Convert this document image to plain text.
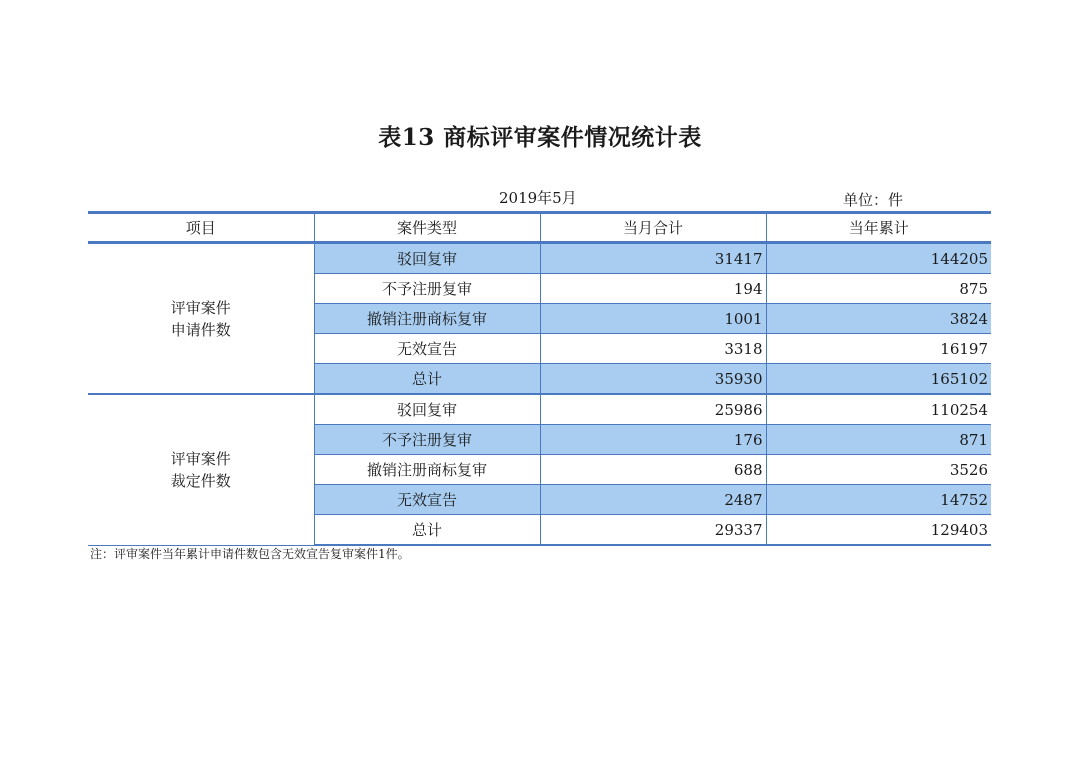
表13 商标评审案件情况统计表
2019年5月	单位：件
项目	案件类型	当月合计	当年累计

评审案件
申请件数	驳回复审	31417	144205
	不予注册复审	194	875
	撤销注册商标复审	1001	3824
	无效宣告	3318	16197
	总计	35930	165102

评审案件
裁定件数	驳回复审	25986	110254
	不予注册复审	176	871
	撤销注册商标复审	688	3526
	无效宣告	2487	14752
	总计	29337	129403
注：评审案件当年累计申请件数包含无效宣告复审案件1件。
